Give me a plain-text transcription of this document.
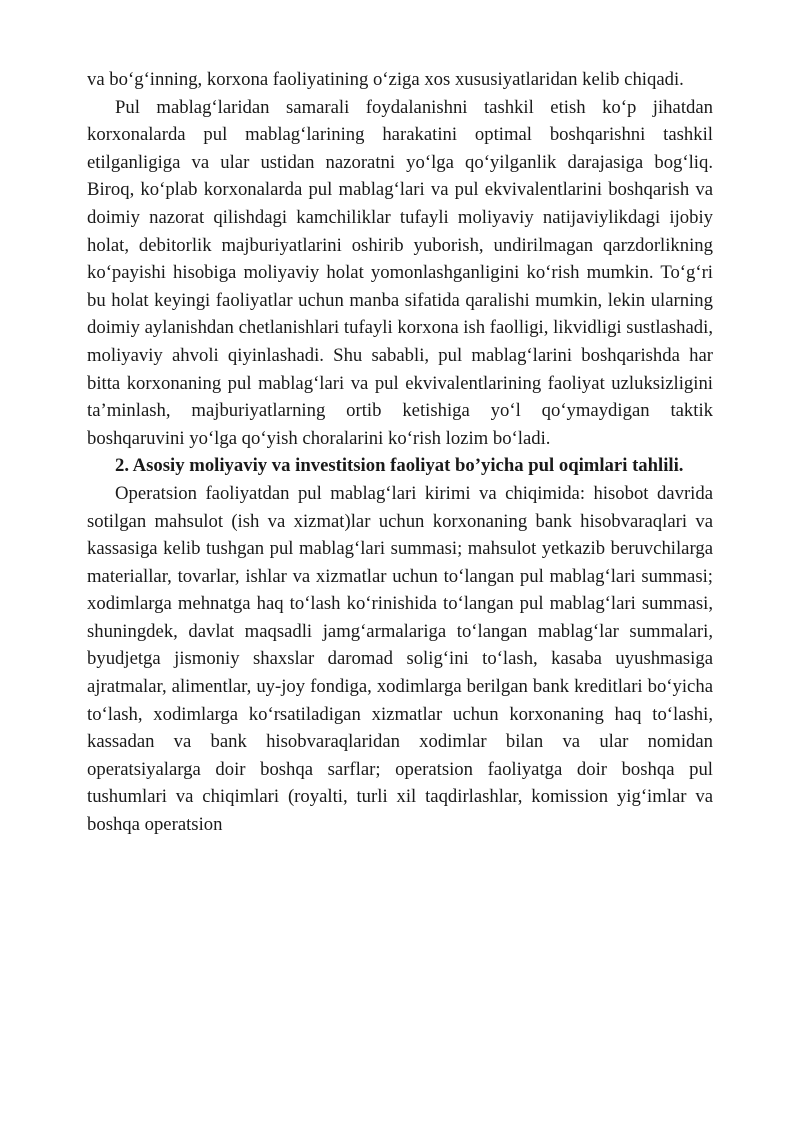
va bo‘g‘inning, korxona faoliyatining o‘ziga xos xususiyatlaridan kelib chiqadi.

Pul mablag‘laridan samarali foydalanishni tashkil etish ko‘p jihatdan korxonalarda pul mablag‘larining harakatini optimal boshqarishni tashkil etilganligiga va ular ustidan nazoratni yo‘lga qo‘yilganlik darajasiga bog‘liq. Biroq, ko‘plab korxonalarda pul mablag‘lari va pul ekvivalentlarini boshqarish va doimiy nazorat qilishdagi kamchiliklar tufayli moliyaviy natijaviylikdagi ijobiy holat, debitorlik majburiyatlarini oshirib yuborish, undirilmagan qarzdorlikning ko‘payishi hisobiga moliyaviy holat yomonlashganligini ko‘rish mumkin. To‘g‘ri bu holat keyingi faoliyatlar uchun manba sifatida qaralishi mumkin, lekin ularning doimiy aylanishdan chetlanishlari tufayli korxona ish faolligi, likvidligi sustlashadi, moliyaviy ahvoli qiyinlashadi. Shu sababli, pul mablag‘larini boshqarishda har bitta korxonaning pul mablag‘lari va pul ekvivalentlarining faoliyat uzluksizligini ta’minlash, majburiyatlarning ortib ketishiga yo‘l qo‘ymaydigan taktik boshqaruvini yo‘lga qo‘yish choralarini ko‘rish lozim bo‘ladi.

2. Asosiy moliyaviy va investitsion faoliyat bo’yicha pul oqimlari tahlili.

Operatsion faoliyatdan pul mablag‘lari kirimi va chiqimida: hisobot davrida sotilgan mahsulot (ish va xizmat)lar uchun korxonaning bank hisobvaraqlari va kassasiga kelib tushgan pul mablag‘lari summasi; mahsulot yetkazib beruvchilarga materiallar, tovarlar, ishlar va xizmatlar uchun to‘langan pul mablag‘lari summasi; xodimlarga mehnatga haq to‘lash ko‘rinishida to‘langan pul mablag‘lari summasi, shuningdek, davlat maqsadli jamg‘armalariga to‘langan mablag‘lar summalari, byudjetga jismoniy shaxslar daromad solig‘ini to‘lash, kasaba uyushmasiga ajratmalar, alimentlar, uy-joy fondiga, xodimlarga berilgan bank kreditlari bo‘yicha to‘lash, xodimlarga ko‘rsatiladigan xizmatlar uchun korxonaning haq to‘lashi, kassadan va bank hisobvaraqlaridan xodimlar bilan va ular nomidan operatsiyalarga doir boshqa sarflar; operatsion faoliyatga doir boshqa pul tushumlari va chiqimlari (royalti, turli xil taqdirlashlar, komission yig‘imlar va boshqa operatsion
